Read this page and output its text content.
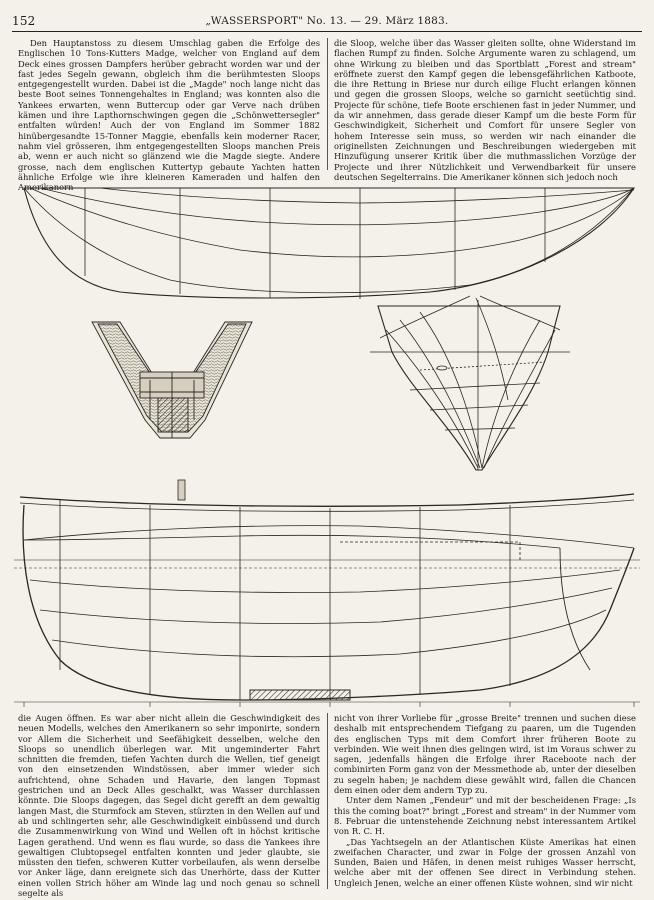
152	„WASSERSPORT" No. 13. — 29. März 1883.

Den Hauptanstoss zu diesem Umschlag gaben die Erfolge des Englischen 10 Tons-Kutters Madge, welcher von England auf dem Deck eines grossen Dampfers herüber gebracht worden war und der fast jedes Segeln gewann, obgleich ihm die berühmtesten Sloops entgegengestellt wurden. Dabei ist die „Magde" noch lange nicht das beste Boot seines Tonnengehaltes in England; was konnten also die Yankees erwarten, wenn Buttercup oder gar Verve nach drüben kämen und ihre Lapthornschwingen gegen die „Schönwettersegler" entfalten würden! Auch der von England im Sommer 1882 hinübergesandte 15-Tonner Maggie, ebenfalls kein moderner Racer, nahm viel grösseren, ihm entgegengestellten Sloops manchen Preis ab, wenn er auch nicht so glänzend wie die Magde siegte. Andere grosse, nach dem englischen Kuttertyp gebaute Yachten hatten ähnliche Erfolge wie ihre kleineren Kameraden und halfen den Amerikanern

die Sloop, welche über das Wasser gleiten sollte, ohne Widerstand im flachen Rumpf zu finden. Solche Argumente waren zu schlagend, um ohne Wirkung zu bleiben und das Sportblatt „Forest and stream" eröffnete zuerst den Kampf gegen die lebensgefährlichen Katboote, die ihre Rettung in Briese nur durch eilige Flucht erlangen können und gegen die grossen Sloops, welche so garnicht seetüchtig sind. Projecte für schöne, tiefe Boote erschienen fast in jeder Nummer, und da wir annehmen, dass gerade dieser Kampf um die beste Form für Geschwindigkeit, Sicherheit und Comfort für unsere Segler von hohem Interesse sein muss, so werden wir nach einander die originellsten Zeichnungen und Beschreibungen wiedergeben mit Hinzufügung unserer Kritik über die muthmasslichen Vorzüge der Projecte und ihrer Nützlichkeit und Verwendbarkeit für unsere deutschen Segelterrains. Die Amerikaner können sich jedoch noch

die Augen öffnen. Es war aber nicht allein die Geschwindigkeit des neuen Modells, welches den Amerikanern so sehr imponirte, sondern vor Allem die Sicherheit und Seefähigkeit desselben, welche den Sloops so unendlich überlegen war. Mit ungeminderter Fahrt schnitten die fremden, tiefen Yachten durch die Wellen, tief geneigt von den einsetzenden Windstössen, aber immer wieder sich aufrichtend, ohne Schaden und Havarie, den langen Topmast gestrichen und an Deck Alles geschalkt, was Wasser durchlassen könnte. Die Sloops dagegen, das Segel dicht gerefft an dem gewaltig langen Mast, die Sturmfock am Steven, stürzten in den Wellen auf und ab und schlingerten sehr, alle Geschwindigkeit einbüssend und durch die Zusammenwirkung von Wind und Wellen oft in höchst kritische Lagen gerathend. Und wenn es flau wurde, so dass die Yankees ihre gewaltigen Clubtopsegel entfalten konnten und jeder glaubte, sie müssten den tiefen, schweren Kutter vorbeilaufen, als wenn derselbe vor Anker läge, dann ereignete sich das Unerhörte, dass der Kutter einen vollen Strich höher am Winde lag und noch genau so schnell segelte als

nicht von ihrer Vorliebe für „grosse Breite" trennen und suchen diese deshalb mit entsprechendem Tiefgang zu paaren, um die Tugenden des englischen Typs mit dem Comfort ihrer früheren Boote zu verbinden. Wie weit ihnen dies gelingen wird, ist im Voraus schwer zu sagen, jedenfalls hängen die Erfolge ihrer Raceboote nach der combinirten Form ganz von der Messmethode ab, unter der dieselben zu segeln haben; je nachdem diese gewählt wird, fallen die Chancen dem einen oder dem andern Typ zu.

Unter dem Namen „Fendeur" und mit der bescheidenen Frage: „Is this the coming boat?" bringt „Forest and stream" in der Nummer vom 8. Februar die untenstehende Zeichnung nebst interessantem Artikel von R. C. H.

„Das Yachtsegeln an der Atlantischen Küste Amerikas hat einen zweifachen Character, und zwar in Folge der grossen Anzahl von Sunden, Baien und Häfen, in denen meist ruhiges Wasser herrscht, welche aber mit der offenen See direct in Verbindung stehen. Ungleich Jenen, welche an einer offenen Küste wohnen, sind wir nicht
